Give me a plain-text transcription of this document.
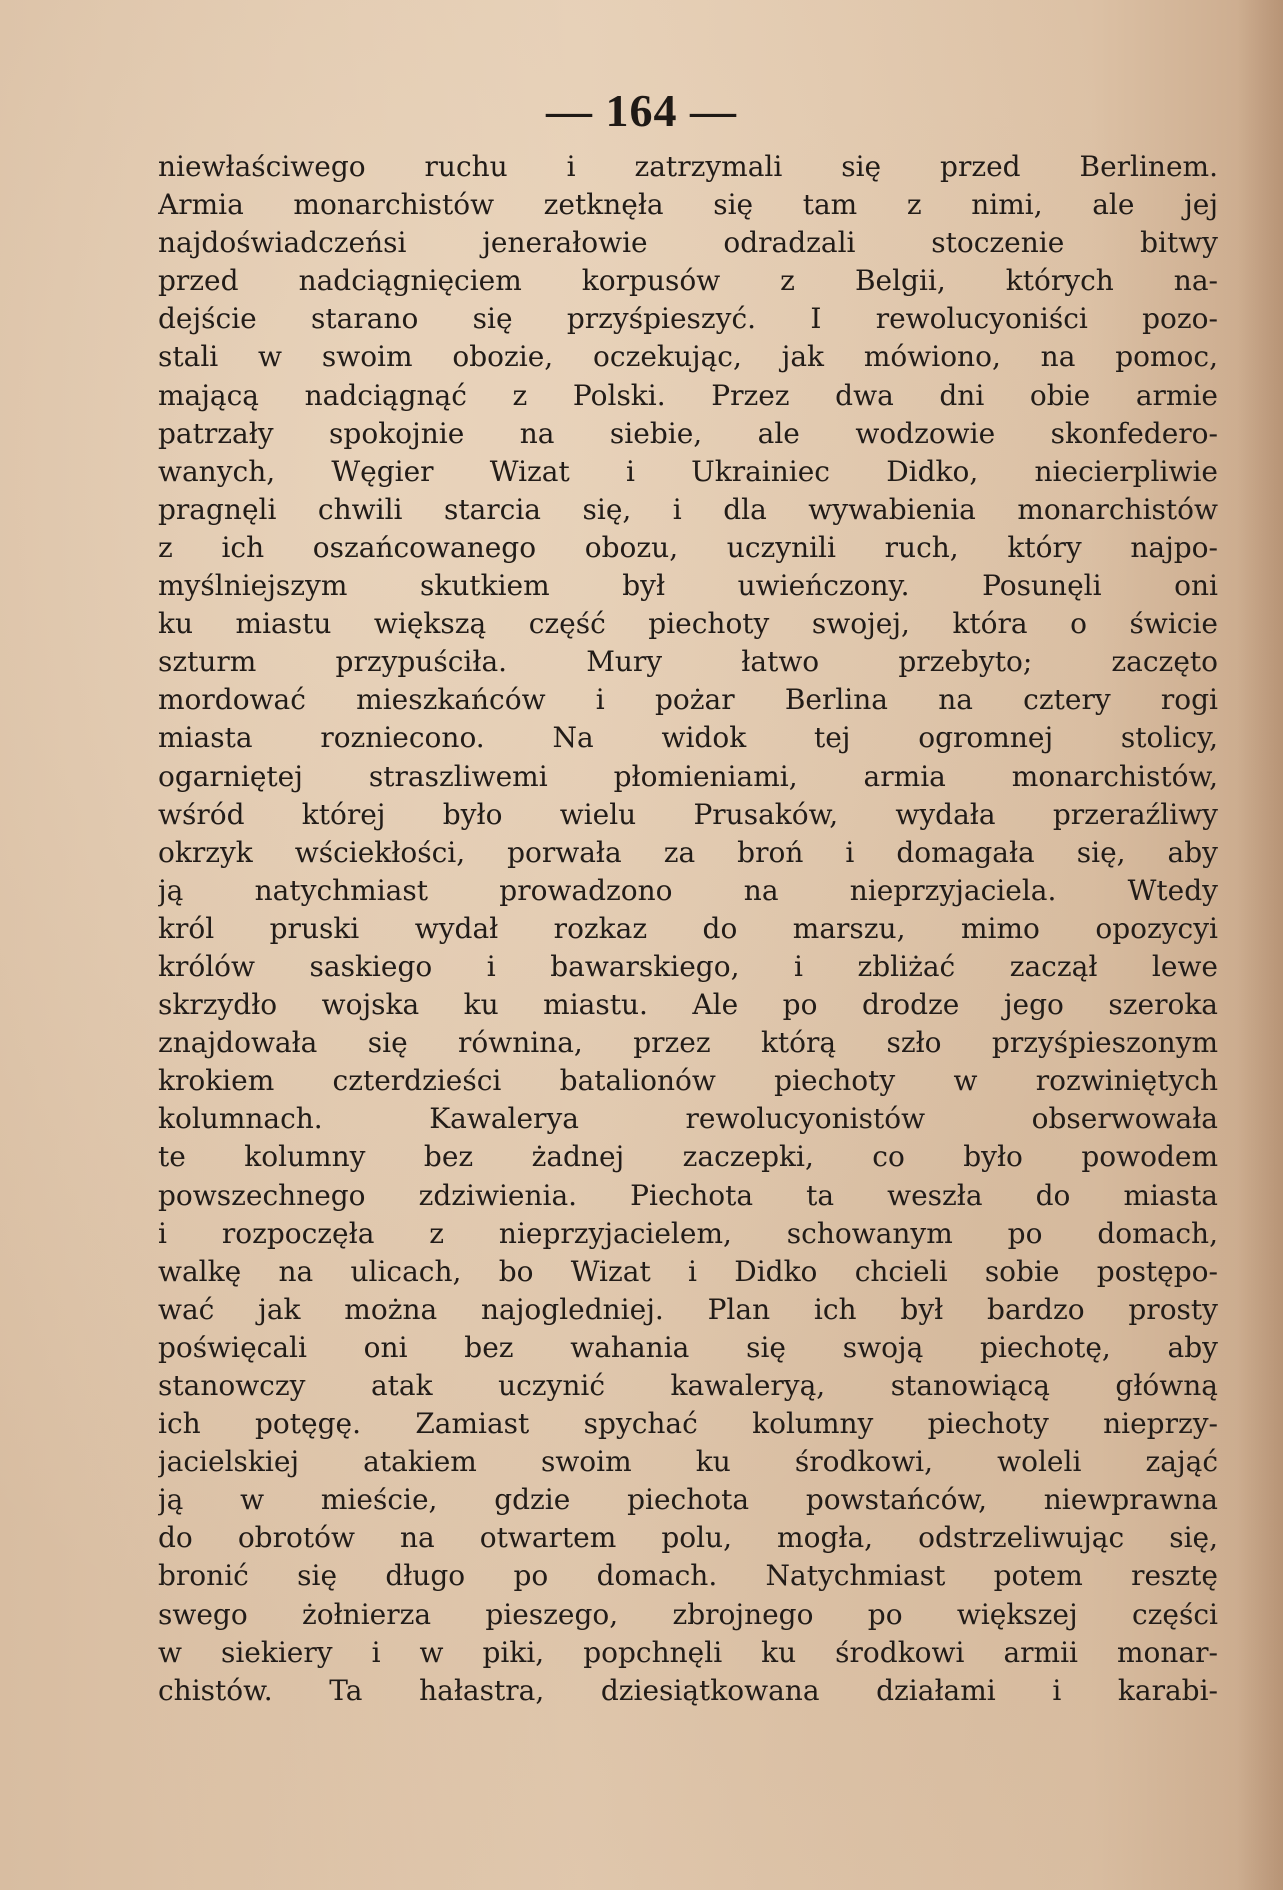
— 164 —
niewłaściwego ruchu i zatrzymali się przed Berlinem.
Armia monarchistów zetknęła się tam z nimi, ale jej
najdoświadczeńsi jenerałowie odradzali stoczenie bitwy
przed nadciągnięciem korpusów z Belgii, których na-
dejście starano się przyśpieszyć. I rewolucyoniści pozo-
stali w swoim obozie, oczekując, jak mówiono, na pomoc,
mającą nadciągnąć z Polski. Przez dwa dni obie armie
patrzały spokojnie na siebie, ale wodzowie skonfedero-
wanych, Węgier Wizat i Ukrainiec Didko, niecierpliwie
pragnęli chwili starcia się, i dla wywabienia monarchistów
z ich oszańcowanego obozu, uczynili ruch, który najpo-
myślniejszym skutkiem był uwieńczony. Posunęli oni
ku miastu większą część piechoty swojej, która o świcie
szturm przypuściła. Mury łatwo przebyto; zaczęto
mordować mieszkańców i pożar Berlina na cztery rogi
miasta rozniecono. Na widok tej ogromnej stolicy,
ogarniętej straszliwemi płomieniami, armia monarchistów,
wśród której było wielu Prusaków, wydała przeraźliwy
okrzyk wściekłości, porwała za broń i domagała się, aby
ją natychmiast prowadzono na nieprzyjaciela. Wtedy
król pruski wydał rozkaz do marszu, mimo opozycyi
królów saskiego i bawarskiego, i zbliżać zaczął lewe
skrzydło wojska ku miastu. Ale po drodze jego szeroka
znajdowała się równina, przez którą szło przyśpieszonym
krokiem czterdzieści batalionów piechoty w rozwiniętych
kolumnach. Kawalerya rewolucyonistów obserwowała
te kolumny bez żadnej zaczepki, co było powodem
powszechnego zdziwienia. Piechota ta weszła do miasta
i rozpoczęła z nieprzyjacielem, schowanym po domach,
walkę na ulicach, bo Wizat i Didko chcieli sobie postępo-
wać jak można najogledniej. Plan ich był bardzo prosty
poświęcali oni bez wahania się swoją piechotę, aby
stanowczy atak uczynić kawaleryą, stanowiącą główną
ich potęgę. Zamiast spychać kolumny piechoty nieprzy-
jacielskiej atakiem swoim ku środkowi, woleli zająć
ją w mieście, gdzie piechota powstańców, niewprawna
do obrotów na otwartem polu, mogła, odstrzeliwując się,
bronić się długo po domach. Natychmiast potem resztę
swego żołnierza pieszego, zbrojnego po większej części
w siekiery i w piki, popchnęli ku środkowi armii monar-
chistów. Ta hałastra, dziesiątkowana działami i karabi-
